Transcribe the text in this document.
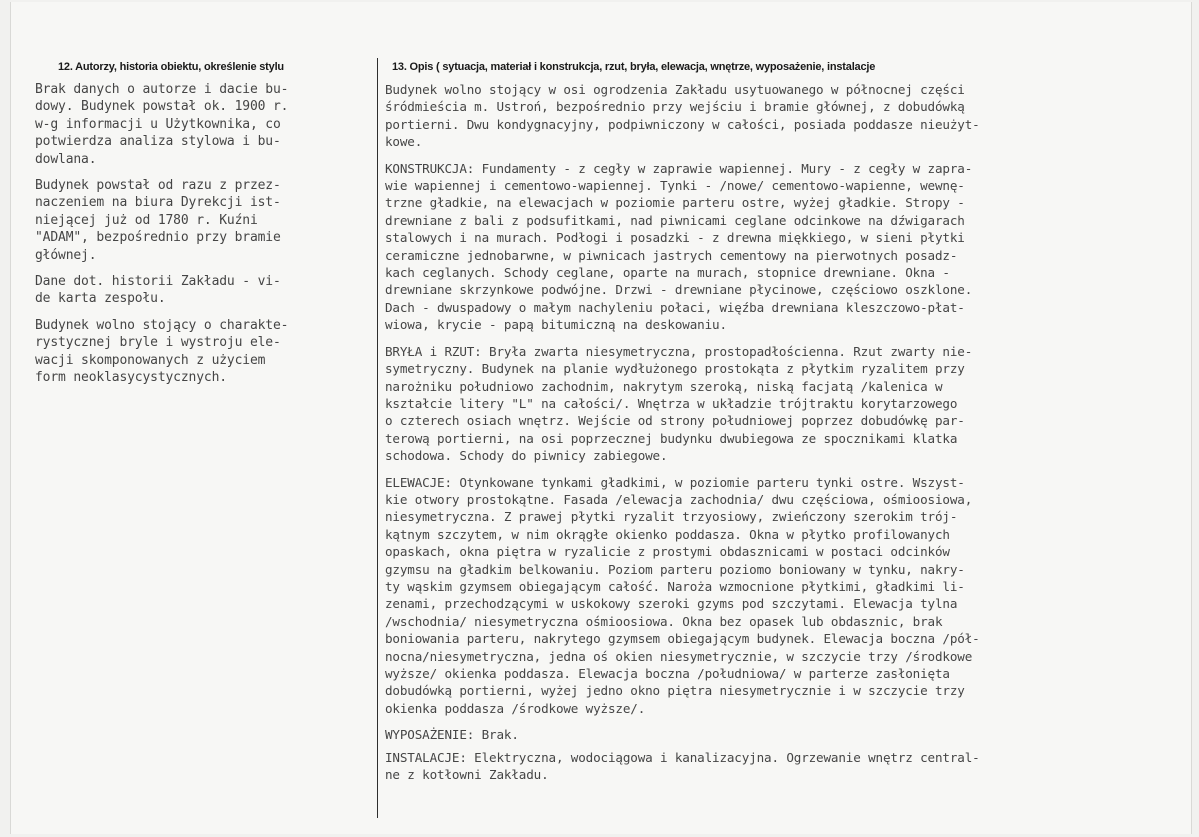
12. Autorzy, historia obiektu, określenie stylu	13. Opis ( sytuacja, materiał i konstrukcja, rzut, bryła, elewacja, wnętrze, wyposażenie, instalacje

Brak danych o autorze i dacie bu-
dowy. Budynek powstał ok. 1900 r.
w-g informacji u Użytkownika, co
potwierdza analiza stylowa i bu-
dowlana.

Budynek powstał od razu z przez-
naczeniem na biura Dyrekcji ist-
niejącej już od 1780 r. Kuźni
"ADAM", bezpośrednio przy bramie
głównej.

Dane dot. historii Zakładu - vi-
de karta zespołu.

Budynek wolno stojący o charakte-
rystycznej bryle i wystroju ele-
wacji skomponowanych z użyciem
form neoklasycystycznych.

Budynek wolno stojący w osi ogrodzenia Zakładu usytuowanego w północnej części
śródmieścia m. Ustroń, bezpośrednio przy wejściu i bramie głównej, z dobudówką
portierni. Dwu kondygnacyjny, podpiwniczony w całości, posiada poddasze nieużyt-
kowe.

KONSTRUKCJA: Fundamenty - z cegły w zaprawie wapiennej. Mury - z cegły w zapra-
wie wapiennej i cementowo-wapiennej. Tynki - /nowe/ cementowo-wapienne, wewnę-
trzne gładkie, na elewacjach w poziomie parteru ostre, wyżej gładkie. Stropy -
drewniane z bali z podsufitkami, nad piwnicami ceglane odcinkowe na dźwigarach
stalowych i na murach. Podłogi i posadzki - z drewna miękkiego, w sieni płytki
ceramiczne jednobarwne, w piwnicach jastrych cementowy na pierwotnych posadz-
kach ceglanych. Schody ceglane, oparte na murach, stopnice drewniane. Okna -
drewniane skrzynkowe podwójne. Drzwi - drewniane płycinowe, częściowo oszklone.
Dach - dwuspadowy o małym nachyleniu połaci, więźba drewniana kleszczowo-płat-
wiowa, krycie - papą bitumiczną na deskowaniu.

BRYŁA i RZUT: Bryła zwarta niesymetryczna, prostopadłościenna. Rzut zwarty nie-
symetryczny. Budynek na planie wydłużonego prostokąta z płytkim ryzalitem przy
narożniku południowo zachodnim, nakrytym szeroką, niską facjatą /kalenica w
kształcie litery "L" na całości/. Wnętrza w układzie trójtraktu korytarzowego
o czterech osiach wnętrz. Wejście od strony południowej poprzez dobudówkę par-
terową portierni, na osi poprzecznej budynku dwubiegowa ze spocznikami klatka
schodowa. Schody do piwnicy zabiegowe.

ELEWACJE: Otynkowane tynkami gładkimi, w poziomie parteru tynki ostre. Wszyst-
kie otwory prostokątne. Fasada /elewacja zachodnia/ dwu częściowa, ośmioosiowa,
niesymetryczna. Z prawej płytki ryzalit trzyosiowy, zwieńczony szerokim trój-
kątnym szczytem, w nim okrągłe okienko poddasza. Okna w płytko profilowanych
opaskach, okna piętra w ryzalicie z prostymi obdasznicami w postaci odcinków
gzymsu na gładkim belkowaniu. Poziom parteru poziomo boniowany w tynku, nakry-
ty wąskim gzymsem obiegającym całość. Naroża wzmocnione płytkimi, gładkimi li-
zenami, przechodzącymi w uskokowy szeroki gzyms pod szczytami. Elewacja tylna
/wschodnia/ niesymetryczna ośmioosiowa. Okna bez opasek lub obdasznic, brak
boniowania parteru, nakrytego gzymsem obiegającym budynek. Elewacja boczna /pół-
nocna/niesymetryczna, jedna oś okien niesymetrycznie, w szczycie trzy /środkowe
wyższe/ okienka poddasza. Elewacja boczna /południowa/ w parterze zasłonięta
dobudówką portierni, wyżej jedno okno piętra niesymetrycznie i w szczycie trzy
okienka poddasza /środkowe wyższe/.

WYPOSAŻENIE: Brak.

INSTALACJE: Elektryczna, wodociągowa i kanalizacyjna. Ogrzewanie wnętrz central-
ne z kotłowni Zakładu.
